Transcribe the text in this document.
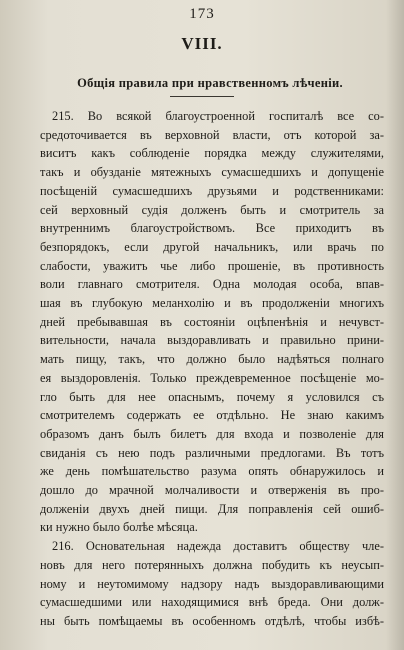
173
VIII.
Общія правила при нравственномъ лѣченіи.
215. Во всякой благоустроенной госпиталѣ все со-
средоточивается въ верховной власти, отъ которой за-
виситъ какъ соблюденіе порядка между служителями,
такъ и обузданіе мятежныхъ сумасшедшихъ и допущеніе
посѣщеній сумасшедшихъ друзьями и родственниками:
сей верховный судія долженъ быть и смотритель за
внутреннимъ благоустройствомъ. Все приходитъ въ
безпорядокъ, если другой начальникъ, или врачь по
слабости, уважитъ чье либо прошеніе, въ противность
воли главнаго смотрителя. Одна молодая особа, впав-
шая въ глубокую меланхолію и въ продолженіи многихъ
дней пребывавшая въ состояніи оцѣпенѣнія и нечувст-
вительности, начала выздоравливать и правильно прини-
мать пищу, такъ, что должно было надѣяться полнаго
ея выздоровленія. Только преждевременное посѣщеніе мо-
гло быть для нее опаснымъ, почему я условился съ
смотрителемъ содержать ее отдѣльно. Не знаю какимъ
образомъ данъ былъ билетъ для входа и позволеніе для
свиданія съ нею подъ различными предлогами. Въ тотъ
же день помѣшательство разума опять обнаружилось и
дошло до мрачной молчаливости и отверженія въ про-
долженіи двухъ дней пищи. Для поправленія сей ошиб-
ки нужно было болѣе мѣсяца.
216. Основательная надежда доставитъ обществу чле-
новъ для него потерянныхъ должна побудить къ неусып-
ному и неутомимому надзору надъ выздоравливающими
сумасшедшими или находящимися внѣ бреда. Они долж-
ны быть помѣщаемы въ особенномъ отдѣлѣ, чтобы избѣ-
